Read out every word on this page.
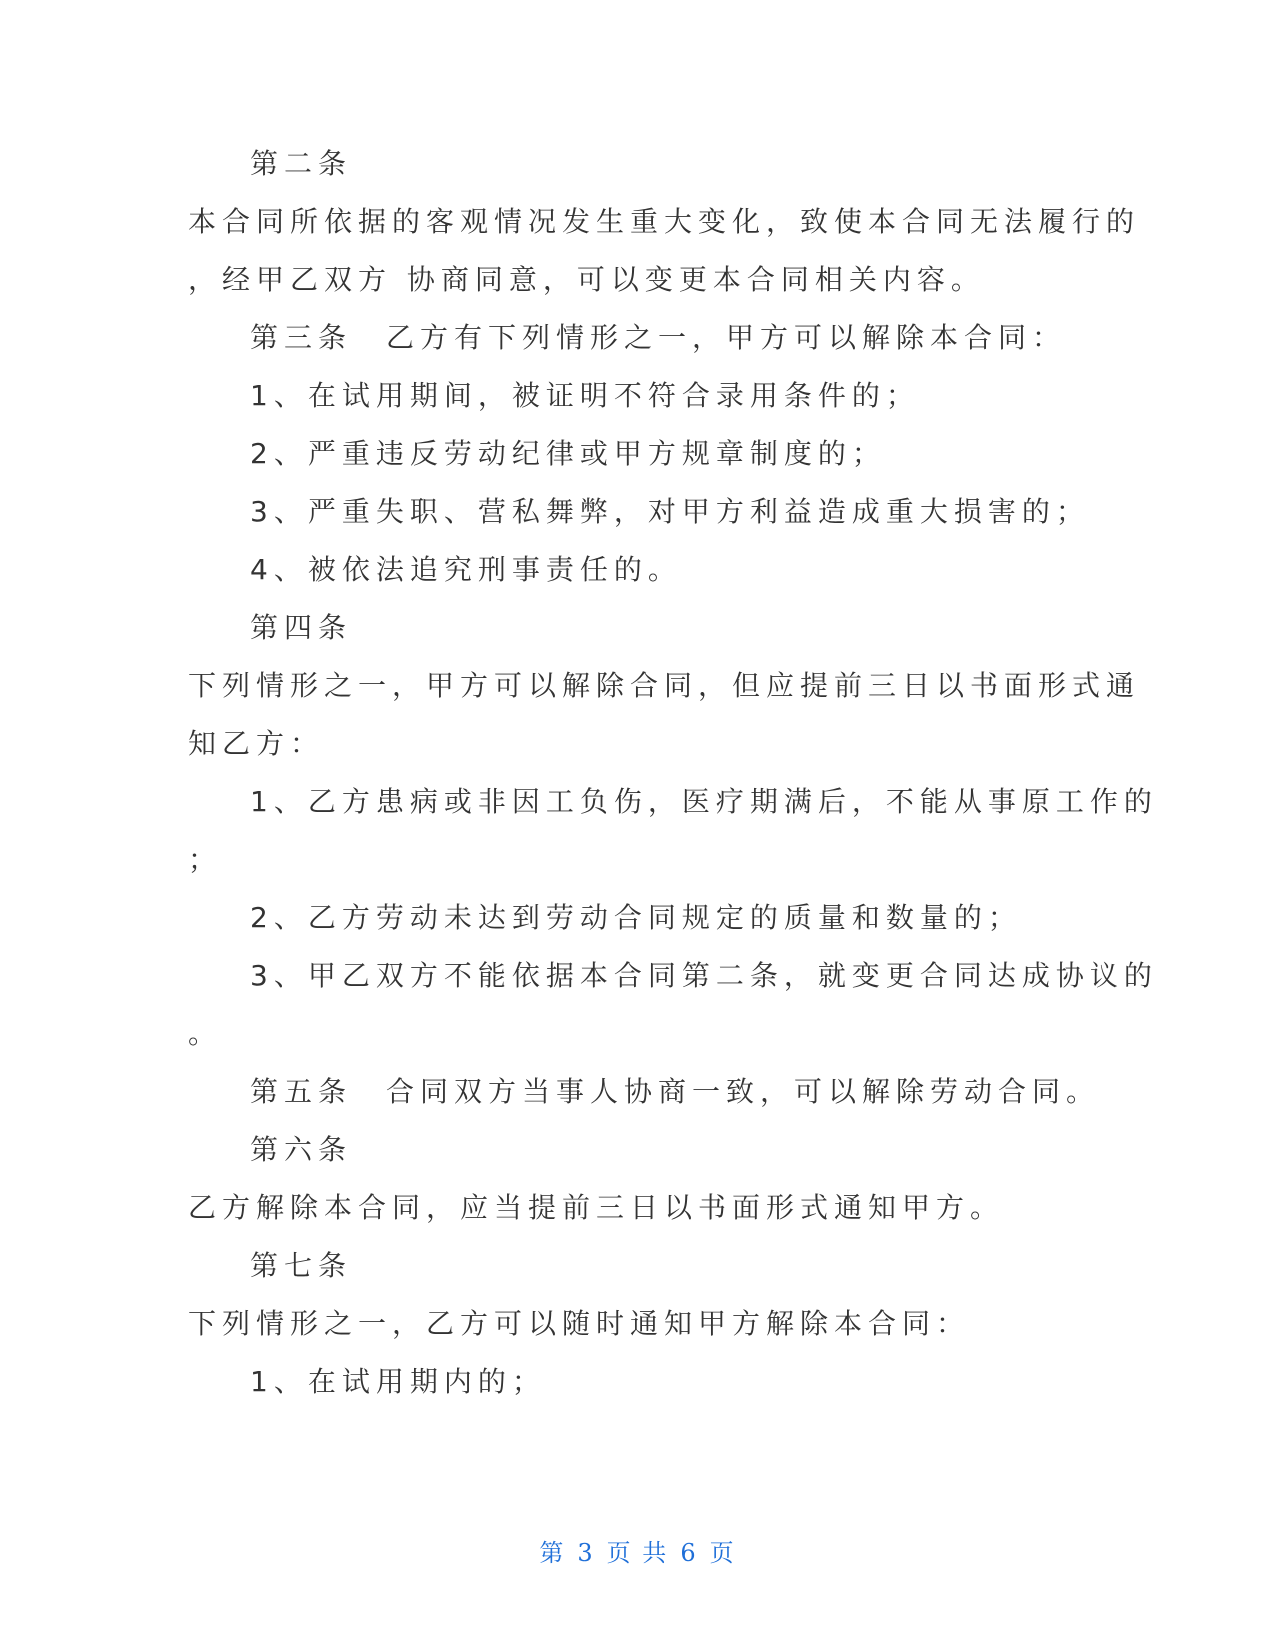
第二条
本合同所依据的客观情况发生重大变化，致使本合同无法履行的
，经甲乙双方 协商同意，可以变更本合同相关内容。
第三条　乙方有下列情形之一，甲方可以解除本合同：
1、在试用期间，被证明不符合录用条件的；
2、严重违反劳动纪律或甲方规章制度的；
3、严重失职、营私舞弊，对甲方利益造成重大损害的；
4、被依法追究刑事责任的。
第四条
下列情形之一，甲方可以解除合同，但应提前三日以书面形式通
知乙方：
1、乙方患病或非因工负伤，医疗期满后，不能从事原工作的
；
2、乙方劳动未达到劳动合同规定的质量和数量的；
3、甲乙双方不能依据本合同第二条，就变更合同达成协议的
。
第五条　合同双方当事人协商一致，可以解除劳动合同。
第六条
乙方解除本合同，应当提前三日以书面形式通知甲方。
第七条
下列情形之一，乙方可以随时通知甲方解除本合同：
1、在试用期内的；
第 3 页 共 6 页
